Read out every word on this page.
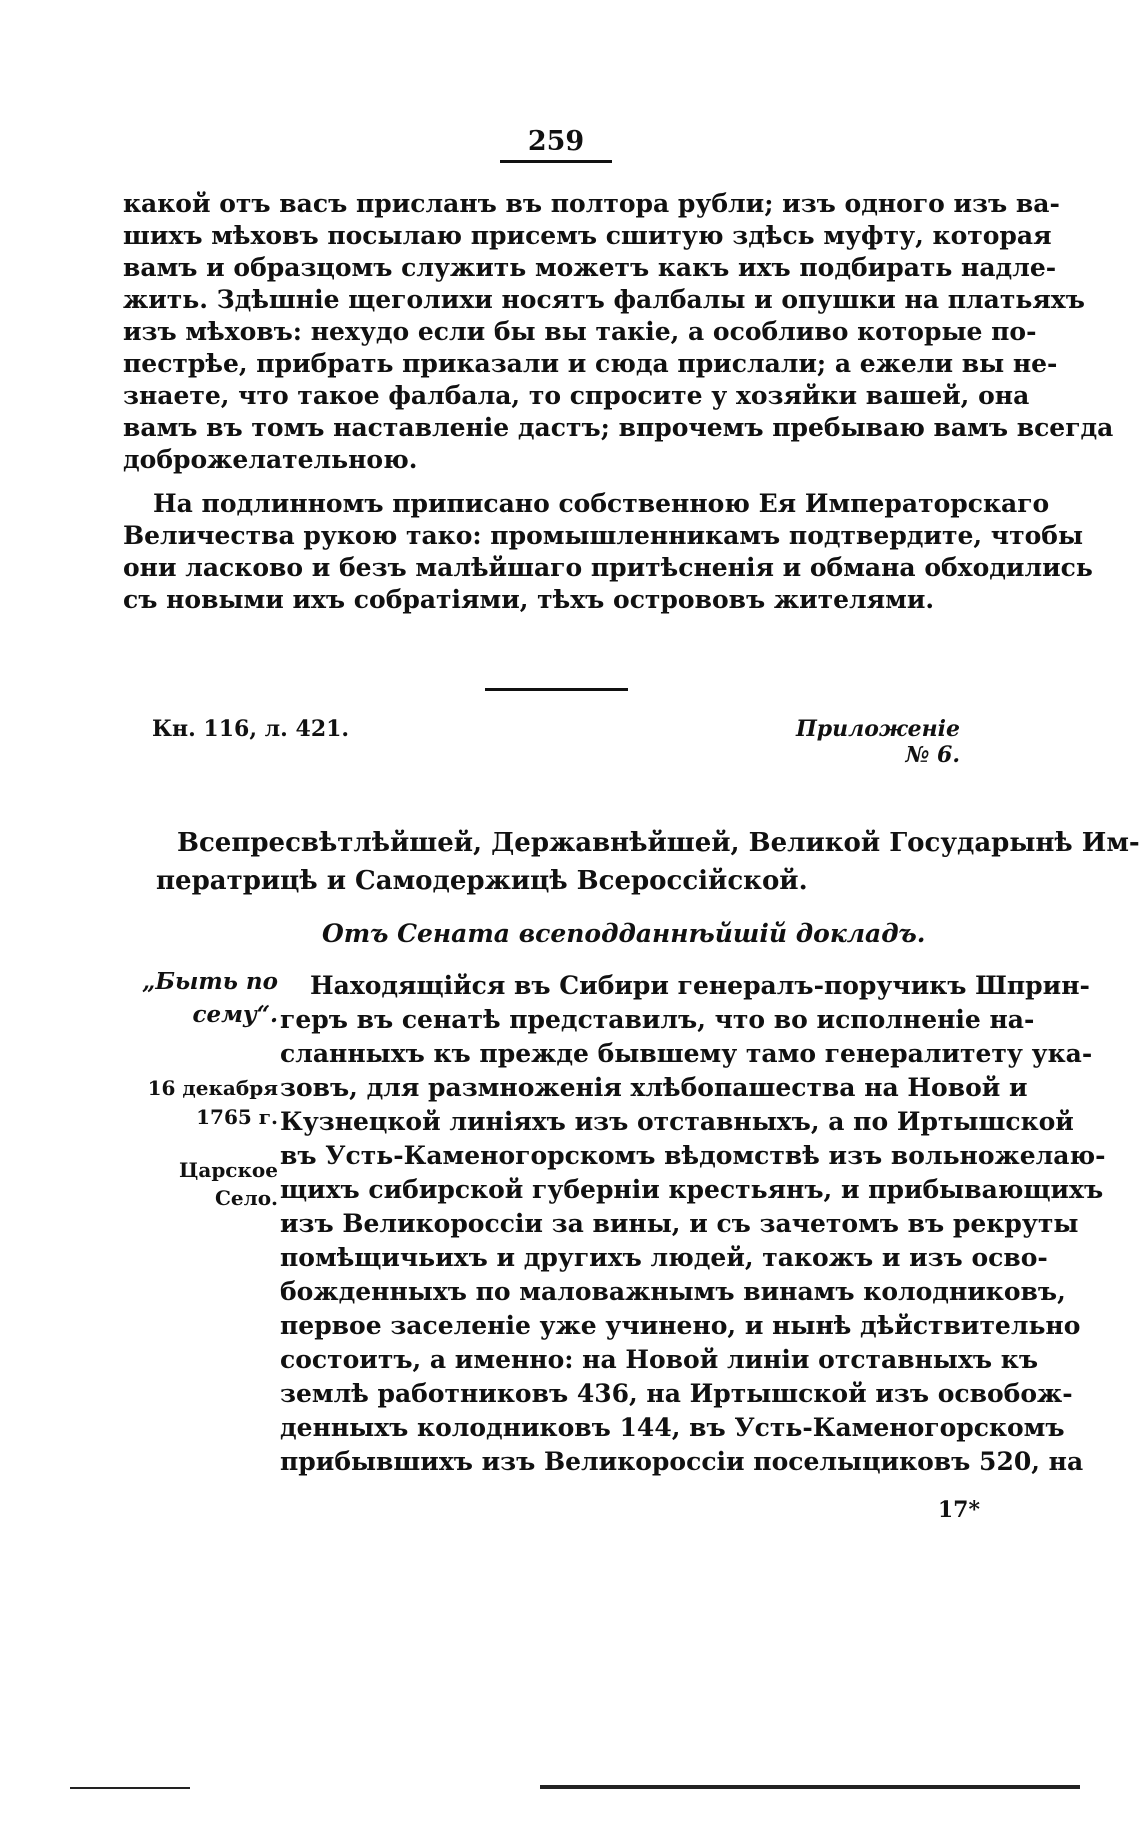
259
какой отъ васъ присланъ въ полтора рубли; изъ одного изъ ва-
шихъ мѣховъ посылаю присемъ сшитую здѣсь муфту, которая
вамъ и образцомъ служить можетъ какъ ихъ подбирать надле-
жить. Здѣшніе щеголихи носятъ фалбалы и опушки на платьяхъ
изъ мѣховъ: нехудо если бы вы такіе, а особливо которые по-
пестрѣе, прибрать приказали и сюда прислали; а ежели вы не-
знаете, что такое фалбала, то спросите у хозяйки вашей, она
вамъ въ томъ наставленіе дастъ; впрочемъ пребываю вамъ всегда
доброжелательною.
На подлинномъ приписано собственною Ея Императорскаго
Величества рукою тако: промышленникамъ подтвердите, чтобы
они ласково и безъ малѣйшаго притѣсненія и обмана обходились
съ новыми ихъ собратіями, тѣхъ острововъ жителями.
Кн. 116, л. 421.	Приложеніе № 6.
Всепресвѣтлѣйшей, Державнѣйшей, Великой Государынѣ Им-
ператрицѣ и Самодержицѣ Всероссійской.
Отъ Сената всеподданнѣйшій докладъ.
„Быть по
сему“.
16 декабря
1765 г.
Царское
Село.
Находящійся въ Сибири генералъ-поручикъ Шприн-
геръ въ сенатѣ представилъ, что во исполненіе на-
сланныхъ къ прежде бывшему тамо генералитету ука-
зовъ, для размноженія хлѣбопашества на Новой и
Кузнецкой линіяхъ изъ отставныхъ, а по Иртышской
въ Усть-Каменогорскомъ вѣдомствѣ изъ вольножелаю-
щихъ сибирской губерніи крестьянъ, и прибывающихъ
изъ Великороссіи за вины, и съ зачетомъ въ рекруты
помѣщичьихъ и другихъ людей, такожъ и изъ осво-
божденныхъ по маловажнымъ винамъ колодниковъ,
первое заселеніе уже учинено, и нынѣ дѣйствительно
состоитъ, а именно: на Новой линіи отставныхъ къ
землѣ работниковъ 436, на Иртышской изъ освобож-
денныхъ колодниковъ 144, въ Усть-Каменогорскомъ
прибывшихъ изъ Великороссіи поселыциковъ 520, на
17*
